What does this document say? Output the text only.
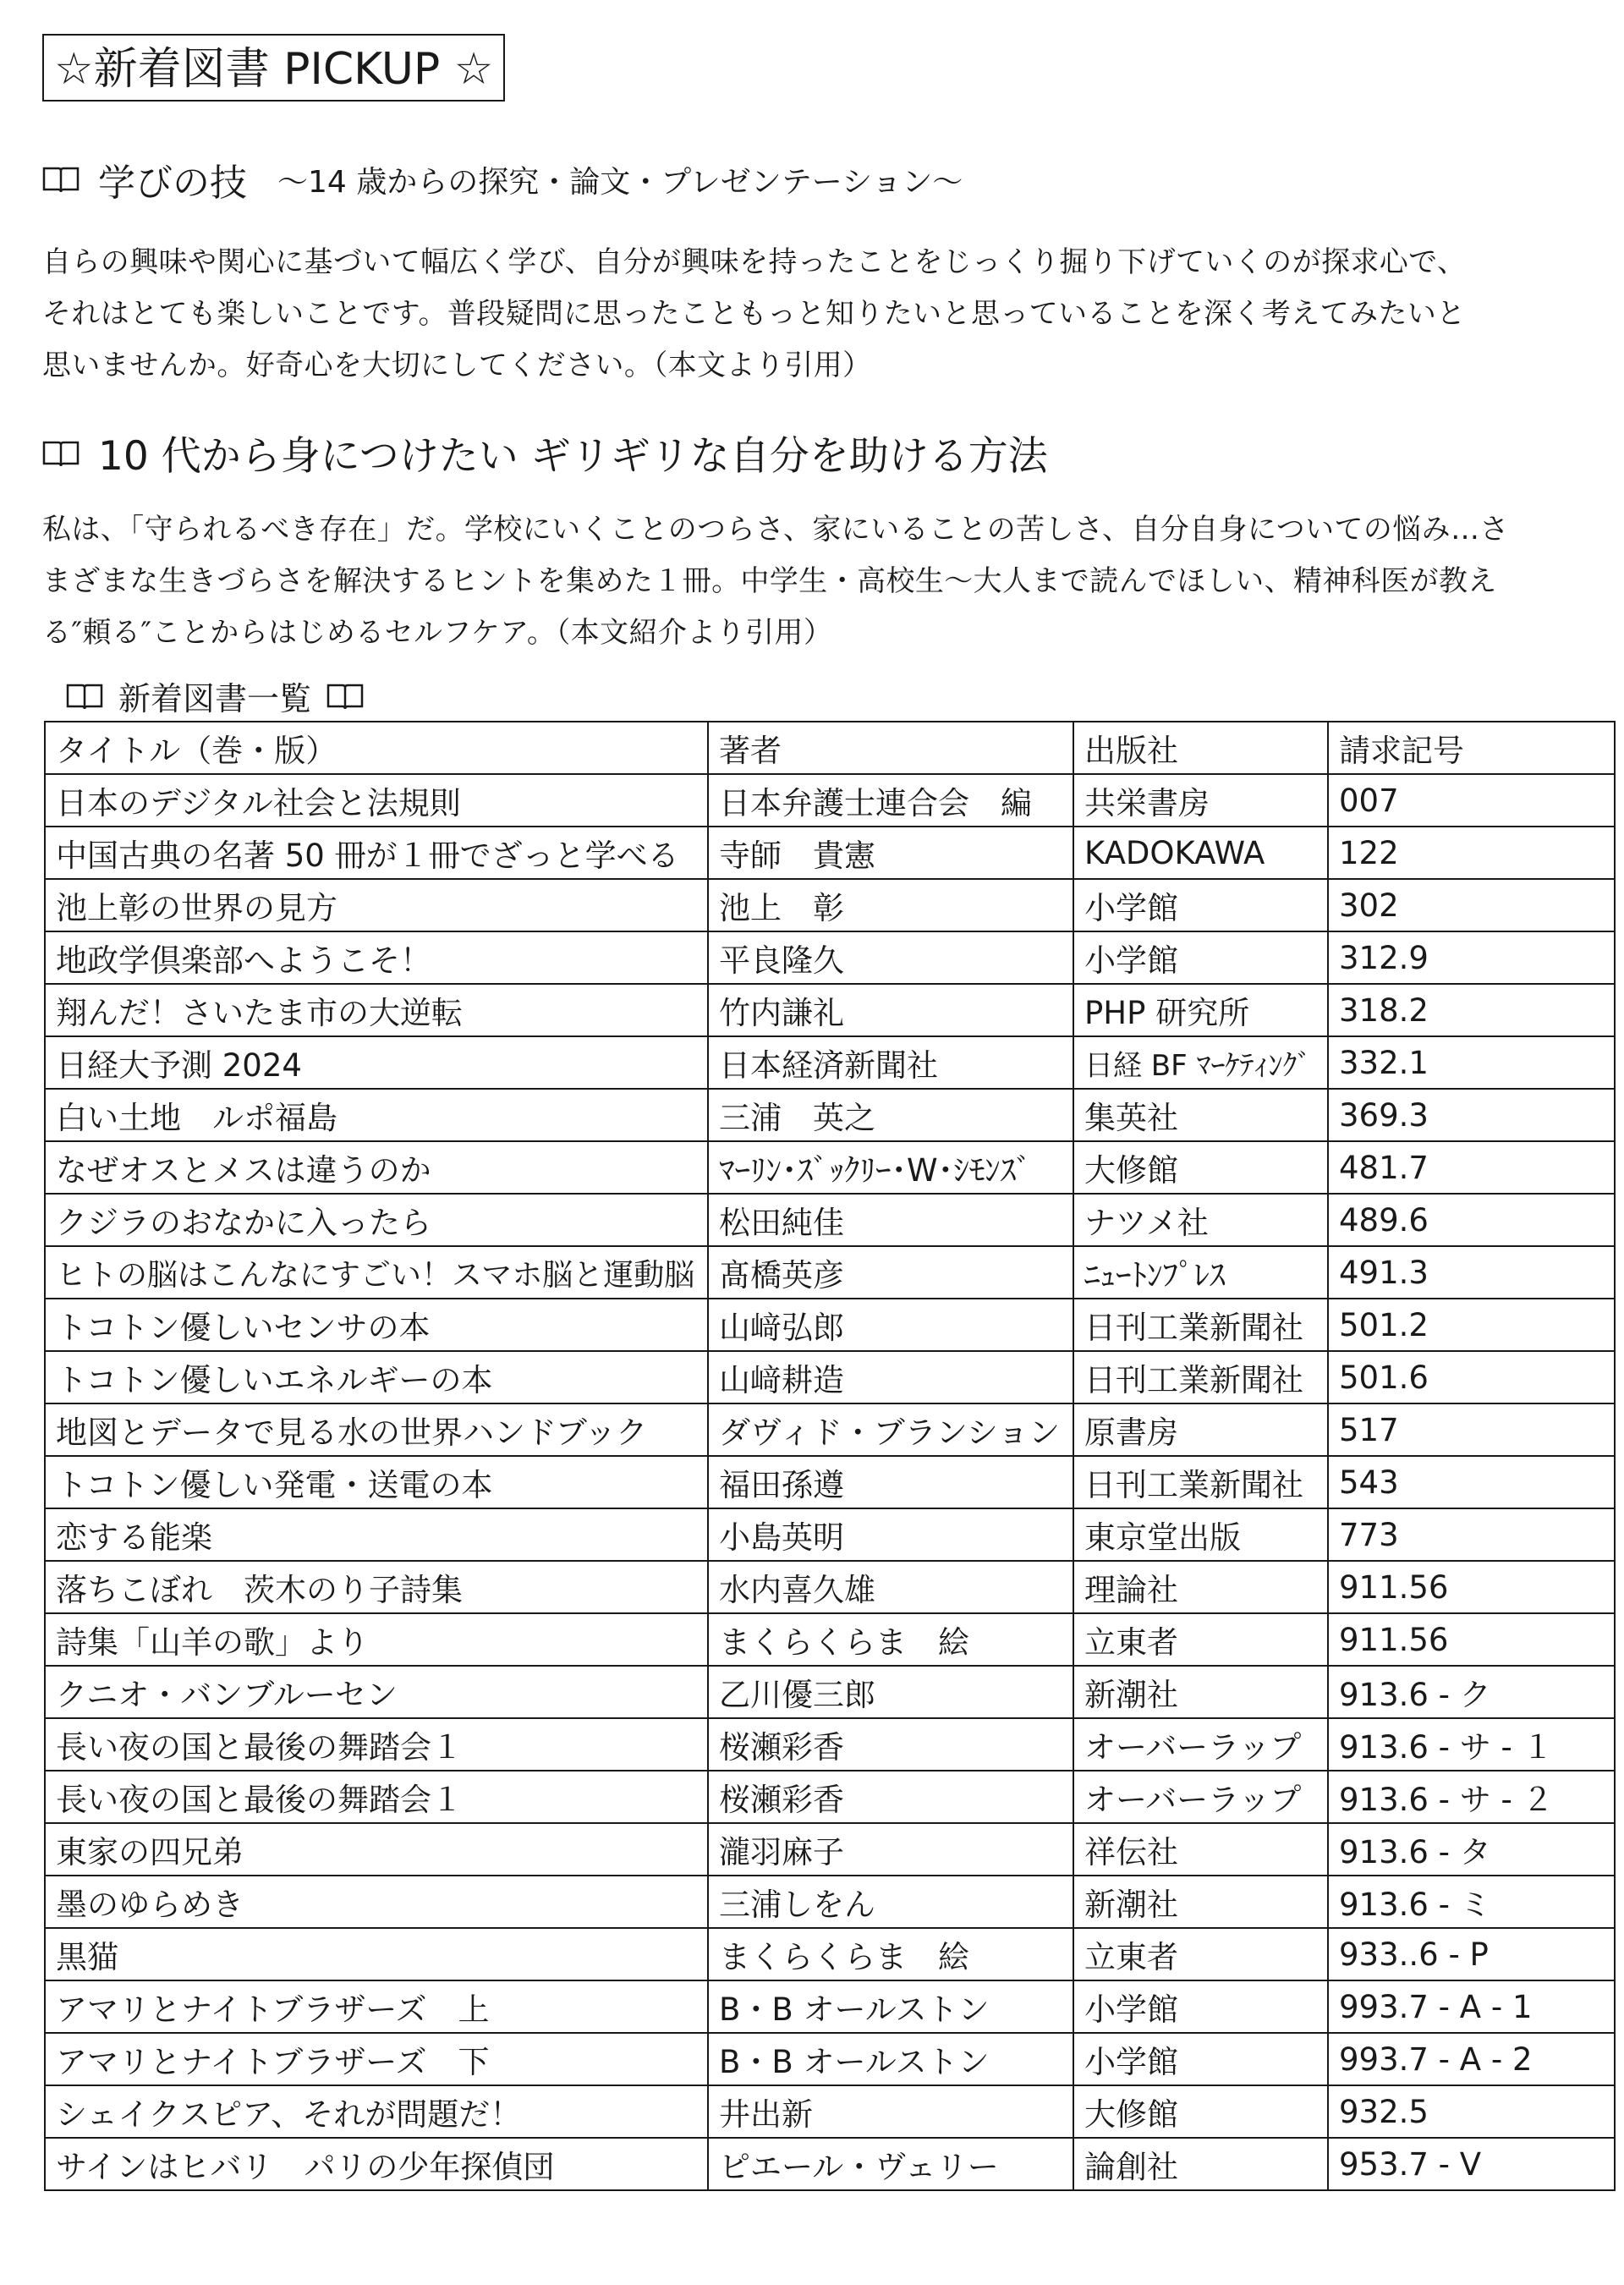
☆新着図書 PICKUP ☆
学びの技 ～14 歳からの探究・論文・プレゼンテーション～

自らの興味や関心に基づいて幅広く学び、自分が興味を持ったことをじっくり掘り下げていくのが探求心で、

それはとても楽しいことです。普段疑問に思ったこともっと知りたいと思っていることを深く考えてみたいと

思いませんか。好奇心を大切にしてください。（本文より引用）

10 代から身につけたい ギリギリな自分を助ける方法

私は、「守られるべき存在」だ。学校にいくことのつらさ、家にいることの苦しさ、自分自身についての悩み…さ

まざまな生きづらさを解決するヒントを集めた１冊。中学生・高校生～大人まで読んでほしい、精神科医が教え

る″頼る″ことからはじめるセルフケア。（本文紹介より引用）

新着図書一覧
タイトル（巻・版）	著者	出版社	請求記号
日本のデジタル社会と法規則	日本弁護士連合会　編	共栄書房	007
中国古典の名著 50 冊が１冊でざっと学べる	寺師　貴憲	KADOKAWA	122
池上彰の世界の見方	池上　彰	小学館	302
地政学倶楽部へようこそ！	平良隆久	小学館	312.9
翔んだ！さいたま市の大逆転	竹内謙礼	PHP 研究所	318.2
日経大予測 2024	日本経済新聞社	日経 BF ﾏｰｹﾃｨﾝｸﾞ	332.1
白い土地　ルポ福島	三浦　英之	集英社	369.3
なぜオスとメスは違うのか	ﾏｰﾘﾝ･ｽﾞｯｸﾘｰ･W･ｼﾓﾝｽﾞ	大修館	481.7
クジラのおなかに入ったら	松田純佳	ナツメ社	489.6
ヒトの脳はこんなにすごい！スマホ脳と運動脳	髙橋英彦	ﾆｭｰﾄﾝﾌﾟﾚｽ	491.3
トコトン優しいセンサの本	山﨑弘郎	日刊工業新聞社	501.2
トコトン優しいエネルギーの本	山﨑耕造	日刊工業新聞社	501.6
地図とデータで見る水の世界ハンドブック	ダヴィド・ブランション	原書房	517
トコトン優しい発電・送電の本	福田孫遵	日刊工業新聞社	543
恋する能楽	小島英明	東京堂出版	773
落ちこぼれ　茨木のり子詩集	水内喜久雄	理論社	911.56
詩集「山羊の歌」より	まくらくらま　絵	立東者	911.56
クニオ・バンブルーセン	乙川優三郎	新潮社	913.6 - ク
長い夜の国と最後の舞踏会１	桜瀬彩香	オーバーラップ	913.6 - サ - １
長い夜の国と最後の舞踏会１	桜瀬彩香	オーバーラップ	913.6 - サ - ２
東家の四兄弟	瀧羽麻子	祥伝社	913.6 - タ
墨のゆらめき	三浦しをん	新潮社	913.6 - ミ
黒猫	まくらくらま　絵	立東者	933..6 - P
アマリとナイトブラザーズ　上	B・B オールストン	小学館	993.7 - A - 1
アマリとナイトブラザーズ　下	B・B オールストン	小学館	993.7 - A - 2
シェイクスピア、それが問題だ！	井出新	大修館	932.5
サインはヒバリ　パリの少年探偵団	ピエール・ヴェリー	論創社	953.7 - V
